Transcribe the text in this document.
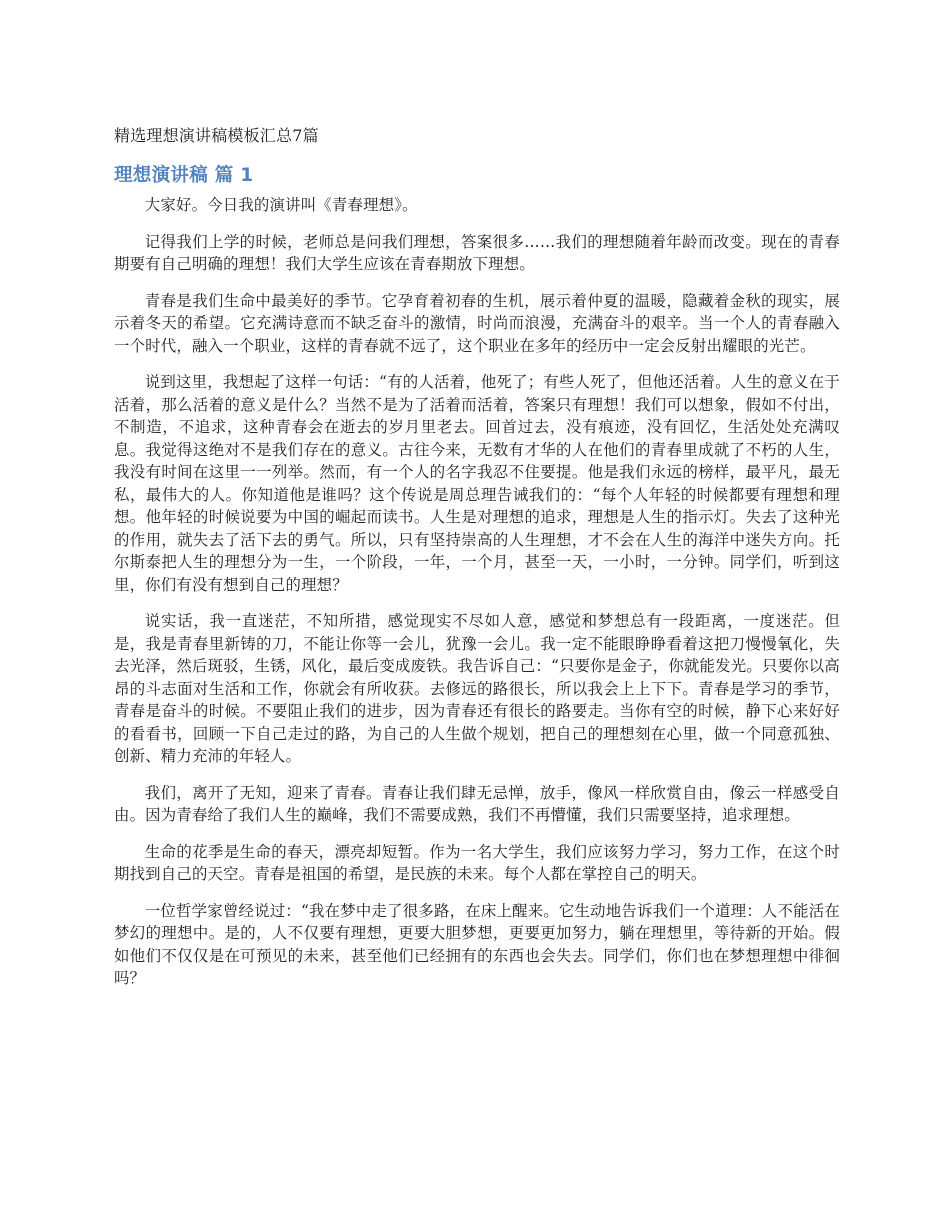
精选理想演讲稿模板汇总7篇
理想演讲稿 篇 1

大家好。今日我的演讲叫《青春理想》。

记得我们上学的时候，老师总是问我们理想，答案很多……我们的理想随着年龄而改变。现在的青春期要有自己明确的理想！我们大学生应该在青春期放下理想。

青春是我们生命中最美好的季节。它孕育着初春的生机，展示着仲夏的温暖，隐藏着金秋的现实，展示着冬天的希望。它充满诗意而不缺乏奋斗的激情，时尚而浪漫，充满奋斗的艰辛。当一个人的青春融入一个时代，融入一个职业，这样的青春就不远了，这个职业在多年的经历中一定会反射出耀眼的光芒。

说到这里，我想起了这样一句话：“有的人活着，他死了；有些人死了，但他还活着。人生的意义在于活着，那么活着的意义是什么？当然不是为了活着而活着，答案只有理想！我们可以想象，假如不付出，不制造，不追求，这种青春会在逝去的岁月里老去。回首过去，没有痕迹，没有回忆，生活处处充满叹息。我觉得这绝对不是我们存在的意义。古往今来，无数有才华的人在他们的青春里成就了不朽的人生，我没有时间在这里一一列举。然而，有一个人的名字我忍不住要提。他是我们永远的榜样，最平凡，最无私，最伟大的人。你知道他是谁吗？这个传说是周总理告诫我们的：“每个人年轻的时候都要有理想和理想。他年轻的时候说要为中国的崛起而读书。人生是对理想的追求，理想是人生的指示灯。失去了这种光的作用，就失去了活下去的勇气。所以，只有坚持崇高的人生理想，才不会在人生的海洋中迷失方向。托尔斯泰把人生的理想分为一生，一个阶段，一年，一个月，甚至一天，一小时，一分钟。同学们，听到这里，你们有没有想到自己的理想？

说实话，我一直迷茫，不知所措，感觉现实不尽如人意，感觉和梦想总有一段距离，一度迷茫。但是，我是青春里新铸的刀，不能让你等一会儿，犹豫一会儿。我一定不能眼睁睁看着这把刀慢慢氧化，失去光泽，然后斑驳，生锈，风化，最后变成废铁。我告诉自己：“只要你是金子，你就能发光。只要你以高昂的斗志面对生活和工作，你就会有所收获。去修远的路很长，所以我会上上下下。青春是学习的季节，青春是奋斗的时候。不要阻止我们的进步，因为青春还有很长的路要走。当你有空的时候，静下心来好好的看看书，回顾一下自己走过的路，为自己的人生做个规划，把自己的理想刻在心里，做一个同意孤独、创新、精力充沛的年轻人。

我们，离开了无知，迎来了青春。青春让我们肆无忌惮，放手，像风一样欣赏自由，像云一样感受自由。因为青春给了我们人生的巅峰，我们不需要成熟，我们不再懵懂，我们只需要坚持，追求理想。

生命的花季是生命的春天，漂亮却短暂。作为一名大学生，我们应该努力学习，努力工作，在这个时期找到自己的天空。青春是祖国的希望，是民族的未来。每个人都在掌控自己的明天。

一位哲学家曾经说过：“我在梦中走了很多路，在床上醒来。它生动地告诉我们一个道理：人不能活在梦幻的理想中。是的，人不仅要有理想，更要大胆梦想，更要更加努力，躺在理想里，等待新的开始。假如他们不仅仅是在可预见的未来，甚至他们已经拥有的东西也会失去。同学们，你们也在梦想理想中徘徊吗？
